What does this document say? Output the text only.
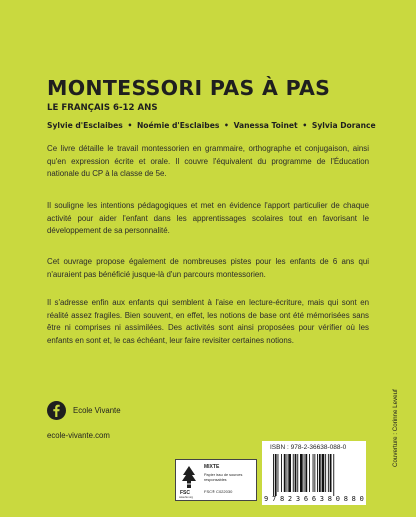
MONTESSORI PAS À PAS
LE FRANÇAIS 6-12 ANS
Sylvie d'Esclaibes • Noémie d'Esclaibes • Vanessa Toinet • Sylvia Dorance

Ce livre détaille le travail montessorien en grammaire, orthographe et conjugaison, ainsi qu'en expression écrite et orale. Il couvre l'équivalent du programme de l'Éducation nationale du CP à la classe de 5e.

Il souligne les intentions pédagogiques et met en évidence l'apport particulier de chaque activité pour aider l'enfant dans les apprentissages scolaires tout en favorisant le développement de sa personnalité.

Cet ouvrage propose également de nombreuses pistes pour les enfants de 6 ans qui n'auraient pas bénéficié jusque-là d'un parcours montessorien.

Il s'adresse enfin aux enfants qui semblent à l'aise en lecture-écriture, mais qui sont en réalité assez fragiles. Bien souvent, en effet, les notions de base ont été mémorisées sans être ni comprises ni assimilées. Des activités sont ainsi proposées pour vérifier où les enfants en sont et, le cas échéant, leur faire revisiter certaines notions.

Ecole Vivante
ecole-vivante.com
FSC
www.fsc.org
MIXTE
Papier issu de sources responsables
FSC® C022030
ISBN : 978-2-36638-088-0
9 7 8 2 3 6 6 3 8 0 8 8 0
Couverture : Corinne Leveuf
